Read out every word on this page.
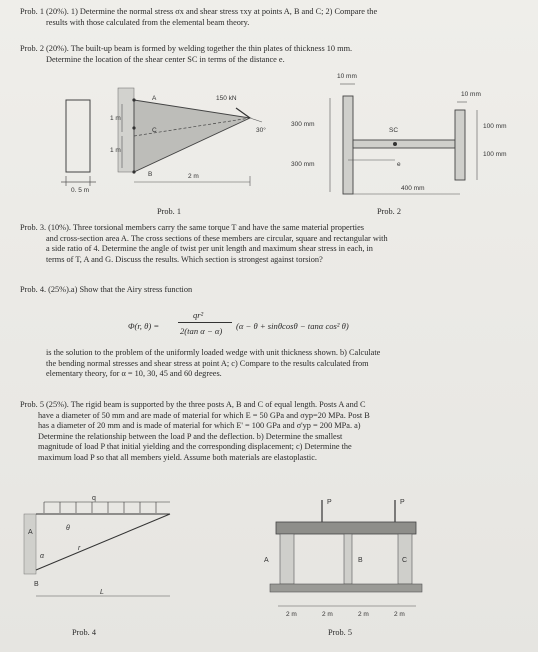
Prob. 1 (20%). 1) Determine the normal stress σx and shear stress τxy at points A, B and C; 2) Compare the
results with those calculated from the elemental beam theory.
Prob. 2 (20%). The built-up beam is formed by welding together the thin plates of thickness 10 mm.
Determine the location of the shear center SC in terms of the distance e.
0. 5 m
A
C
B
1 m
1 m
2 m
150 kN
30°
Prob. 1
10 mm
300 mm
300 mm
SC
e
10 mm
100 mm
100 mm
400 mm
Prob. 2
Prob. 3. (10%). Three torsional members carry the same torque T and have the same material properties
and cross-section area A. The cross sections of these members are circular, square and rectangular with
a side ratio of 4. Determine the angle of twist per unit length and maximum shear stress in each, in
terms of T, A and G. Discuss the results. Which section is strongest against torsion?
Prob. 4. (25%).a) Show that the Airy stress function
Φ(r, θ) =
qr²
2(tan α − α) (α − θ + sinθcosθ − tanα cos² θ)
is the solution to the problem of the uniformly loaded wedge with unit thickness shown. b) Calculate
the bending normal stresses and shear stress at point A; c) Compare to the results calculated from
elementary theory, for α = 10, 30, 45 and 60 degrees.
Prob. 5 (25%). The rigid beam is supported by the three posts A, B and C of equal length. Posts A and C
have a diameter of 50 mm and are made of material for which E = 50 GPa and σyp=20 MPa. Post B
has a diameter of 20 mm and is made of material for which E' = 100 GPa and σ'yp = 200 MPa. a)
Determine the relationship between the load P and the deflection. b) Determine the smallest
magnitude of load P that initial yielding and the corresponding displacement; c) Determine the
maximum load P so that all members yield. Assume both materials are elastoplastic.
q
A
α
θ
r
B
L
Prob. 4
P	P
A	B	C
2 m	2 m	2 m	2 m
Prob. 5
